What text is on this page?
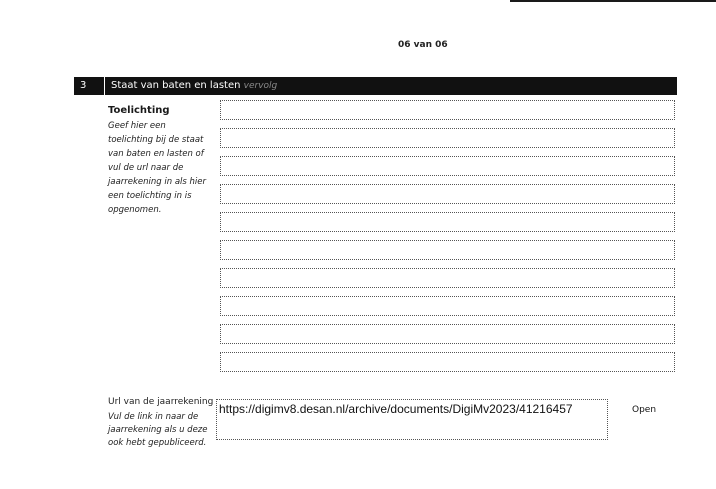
06 van 06
3 Staat van baten en lasten vervolg
Toelichting
Geef hier een toelichting bij de staat van baten en lasten of vul de url naar de jaarrekening in als hier een toelichting in is opgenomen.
Url van de jaarrekening
Vul de link in naar de jaarrekening als u deze ook hebt gepubliceerd.
https://digimv8.desan.nl/archive/documents/DigiMv2023/41216457	Open
